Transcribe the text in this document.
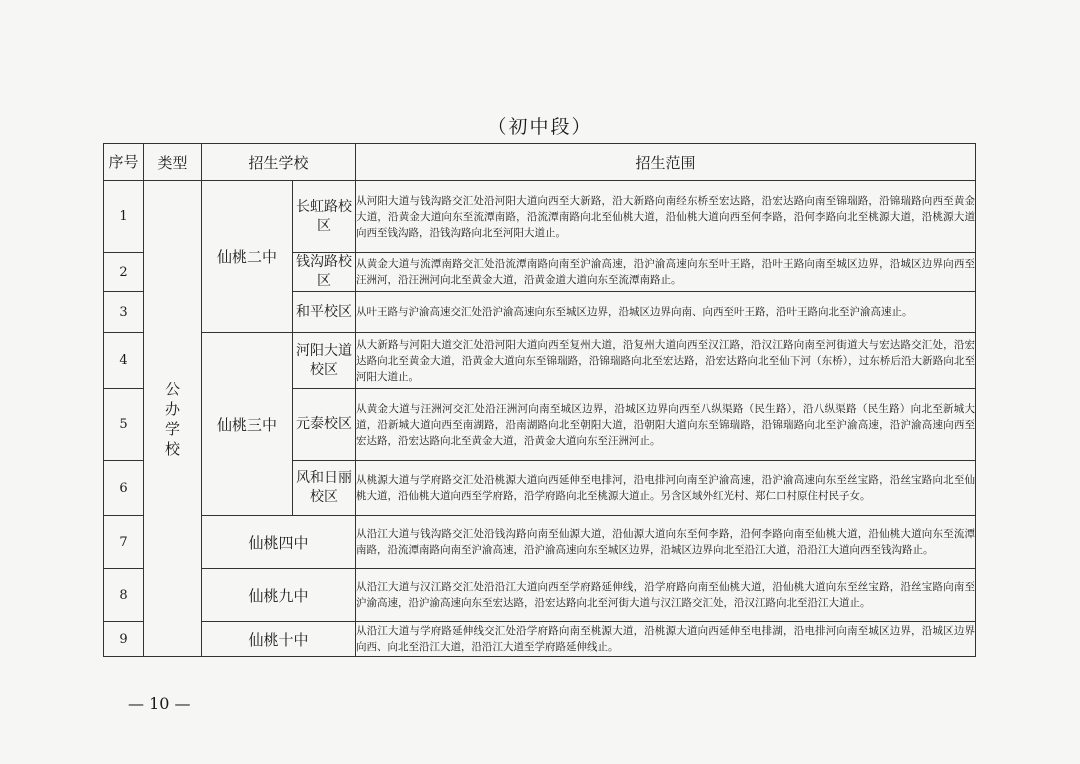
（初中段）
序号	类型	招生学校		招生范围
1	公办学校	仙桃二中	长虹路校区	从河阳大道与钱沟路交汇处沿河阳大道向西至大新路，沿大新路向南经东桥至宏达路，沿宏达路向南至锦瑞路，沿锦瑞路向西至黄金大道，沿黄金大道向东至流潭南路，沿流潭南路向北至仙桃大道，沿仙桃大道向西至何李路，沿何李路向北至桃源大道，沿桃源大道向西至钱沟路，沿钱沟路向北至河阳大道止。
2			钱沟路校区	从黄金大道与流潭南路交汇处沿流潭南路向南至沪渝高速，沿沪渝高速向东至叶王路，沿叶王路向南至城区边界，沿城区边界向西至汪洲河，沿汪洲河向北至黄金大道，沿黄金道大道向东至流潭南路止。
3			和平校区	从叶王路与沪渝高速交汇处沿沪渝高速向东至城区边界，沿城区边界向南、向西至叶王路，沿叶王路向北至沪渝高速止。
4		仙桃三中	河阳大道校区	从大新路与河阳大道交汇处沿河阳大道向西至复州大道，沿复州大道向西至汉江路，沿汉江路向南至河街道大与宏达路交汇处，沿宏达路向北至黄金大道，沿黄金大道向东至锦瑞路，沿锦瑞路向北至宏达路，沿宏达路向北至仙下河（东桥），过东桥后沿大新路向北至河阳大道止。
5			元泰校区	从黄金大道与汪洲河交汇处沿汪洲河向南至城区边界，沿城区边界向西至八纵渠路（民生路），沿八纵渠路（民生路）向北至新城大道，沿新城大道向西至南湖路，沿南湖路向北至朝阳大道，沿朝阳大道向东至锦瑞路，沿锦瑞路向北至沪渝高速，沿沪渝高速向西至宏达路，沿宏达路向北至黄金大道，沿黄金大道向东至汪洲河止。
6			风和日丽校区	从桃源大道与学府路交汇处沿桃源大道向西延伸至电排河，沿电排河向南至沪渝高速，沿沪渝高速向东至丝宝路，沿丝宝路向北至仙桃大道，沿仙桃大道向西至学府路，沿学府路向北至桃源大道止。另含区域外红光村、郑仁口村原住村民子女。
7		仙桃四中		从沿江大道与钱沟路交汇处沿钱沟路向南至仙源大道，沿仙源大道向东至何李路，沿何李路向南至仙桃大道，沿仙桃大道向东至流潭南路，沿流潭南路向南至沪渝高速，沿沪渝高速向东至城区边界，沿城区边界向北至沿江大道，沿沿江大道向西至钱沟路止。
8		仙桃九中		从沿江大道与汉江路交汇处沿沿江大道向西至学府路延伸线，沿学府路向南至仙桃大道，沿仙桃大道向东至丝宝路，沿丝宝路向南至沪渝高速，沿沪渝高速向东至宏达路，沿宏达路向北至河街大道与汉江路交汇处，沿汉江路向北至沿江大道止。
9		仙桃十中		从沿江大道与学府路延伸线交汇处沿学府路向南至桃源大道，沿桃源大道向西延伸至电排湖，沿电排河向南至城区边界，沿城区边界向西、向北至沿江大道，沿沿江大道至学府路延伸线止。
— 10 —
